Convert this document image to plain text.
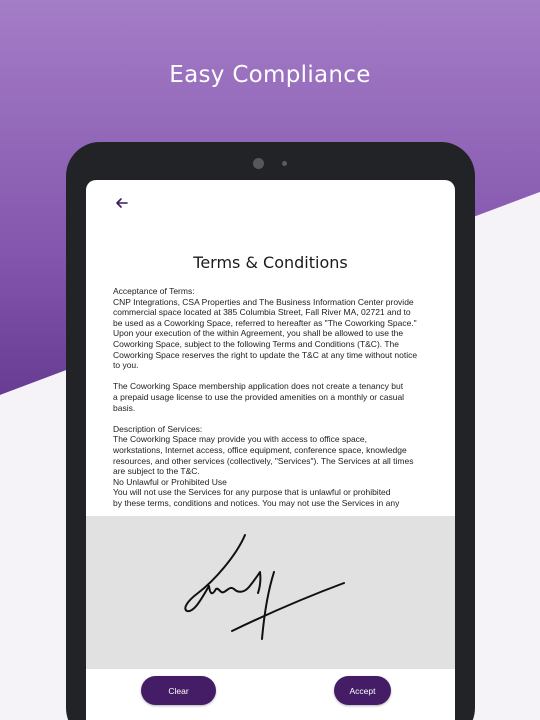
Easy Compliance
Terms & Conditions

Acceptance of Terms:
CNP Integrations, CSA Properties and The Business Information Center provide
commercial space located at 385 Columbia Street, Fall River MA, 02721 and to
be used as a Coworking Space, referred to hereafter as "The Coworking Space."
Upon your execution of the within Agreement, you shall be allowed to use the
Coworking Space, subject to the following Terms and Conditions (T&C). The
Coworking Space reserves the right to update the T&C at any time without notice
to you.

The Coworking Space membership application does not create a tenancy but
a prepaid usage license to use the provided amenities on a monthly or casual
basis.

Description of Services:
The Coworking Space may provide you with access to office space,
workstations, Internet access, office equipment, conference space, knowledge
resources, and other services (collectively, "Services"). The Services at all times
are subject to the T&C.
No Unlawful or Prohibited Use
You will not use the Services for any purpose that is unlawful or prohibited
by these terms, conditions and notices. You may not use the Services in any

Clear	Accept
